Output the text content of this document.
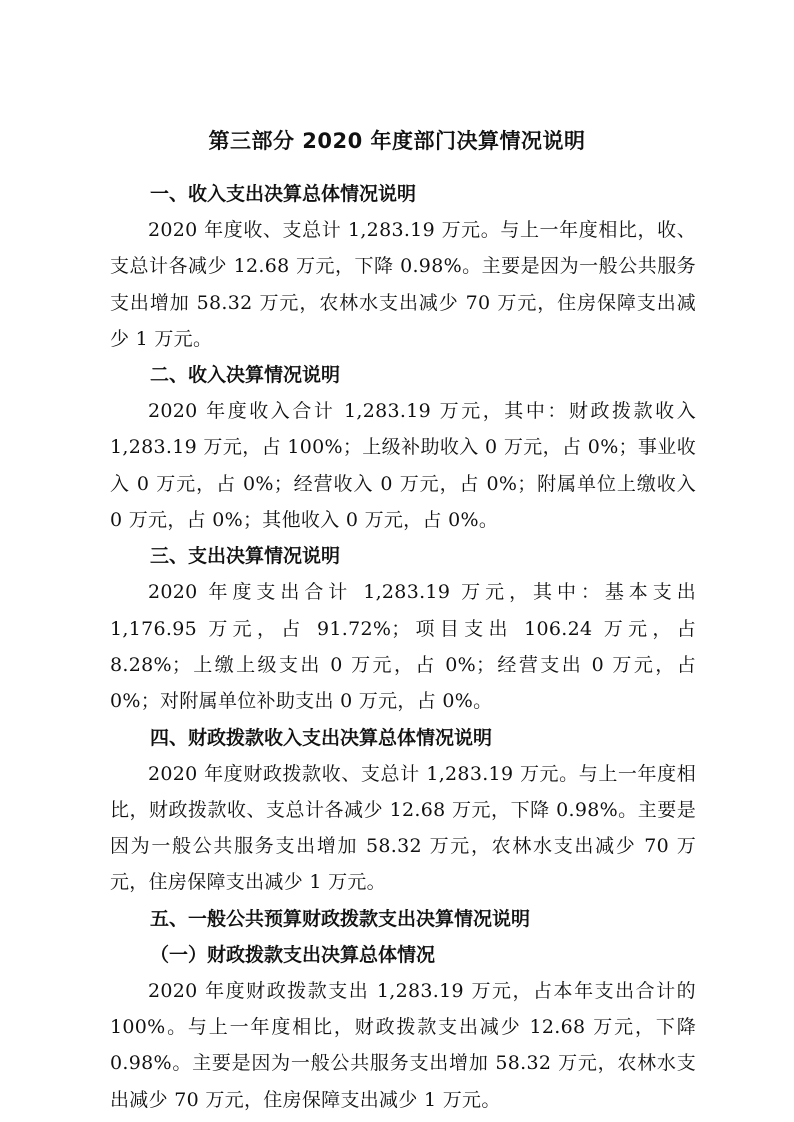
第三部分 2020 年度部门决算情况说明
一、收入支出决算总体情况说明

2020 年度收、支总计 1,283.19 万元。与上一年度相比，收、支总计各减少 12.68 万元，下降 0.98%。主要是因为一般公共服务支出增加 58.32 万元，农林水支出减少 70 万元，住房保障支出减少 1 万元。

二、收入决算情况说明

2020 年度收入合计 1,283.19 万元，其中：财政拨款收入 1,283.19 万元，占 100%；上级补助收入 0 万元，占 0%；事业收入 0 万元，占 0%；经营收入 0 万元，占 0%；附属单位上缴收入 0 万元，占 0%；其他收入 0 万元，占 0%。

三、支出决算情况说明

2020 年度支出合计 1,283.19 万元，其中：基本支出 1,176.95 万元，占 91.72%；项目支出 106.24 万元，占 8.28%；上缴上级支出 0 万元，占 0%；经营支出 0 万元，占 0%；对附属单位补助支出 0 万元，占 0%。

四、财政拨款收入支出决算总体情况说明

2020 年度财政拨款收、支总计 1,283.19 万元。与上一年度相比，财政拨款收、支总计各减少 12.68 万元，下降 0.98%。主要是因为一般公共服务支出增加 58.32 万元，农林水支出减少 70 万元，住房保障支出减少 1 万元。

五、一般公共预算财政拨款支出决算情况说明
（一）财政拨款支出决算总体情况

2020 年度财政拨款支出 1,283.19 万元，占本年支出合计的 100%。与上一年度相比，财政拨款支出减少 12.68 万元，下降 0.98%。主要是因为一般公共服务支出增加 58.32 万元，农林水支出减少 70 万元，住房保障支出减少 1 万元。
